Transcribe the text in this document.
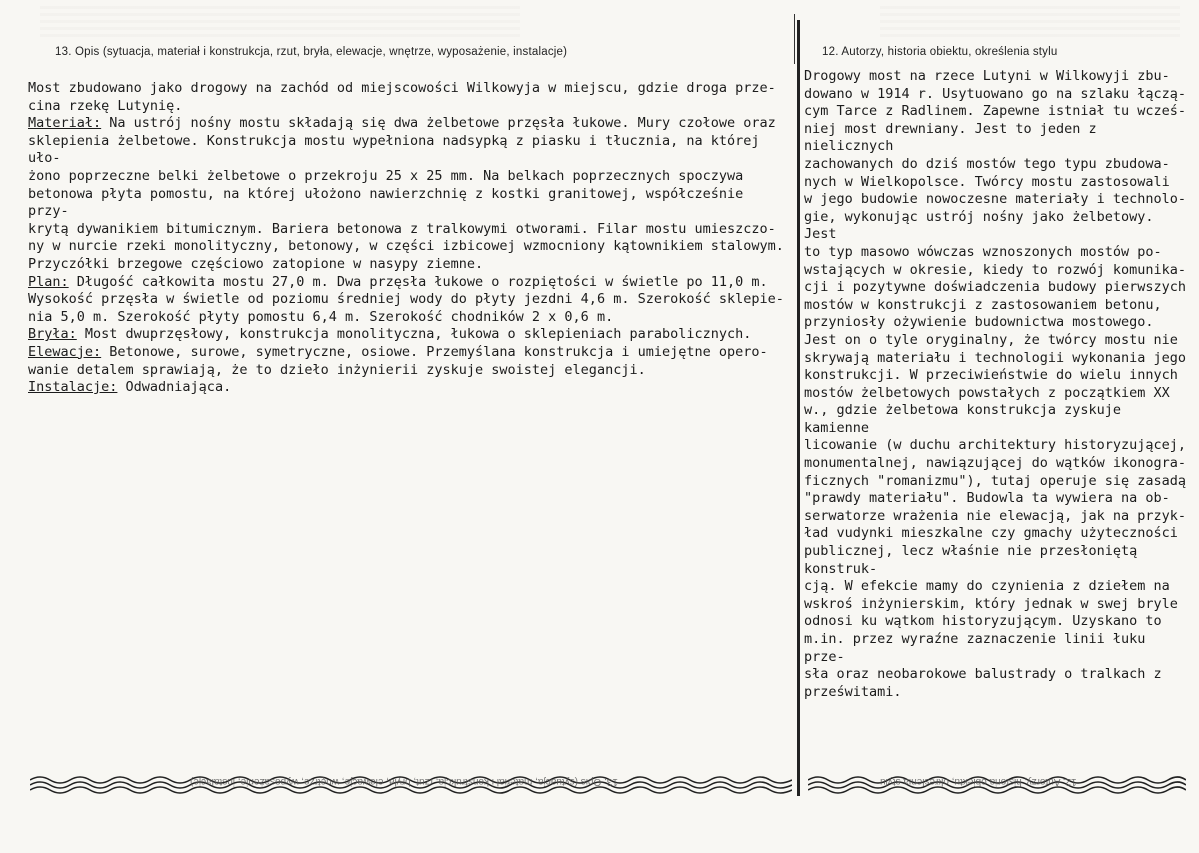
13. Opis (sytuacja, materiał i konstrukcja, rzut, bryła, elewacje, wnętrze, wyposażenie, instalacje)	12. Autorzy, historia obiektu, określenia stylu

Most zbudowano jako drogowy na zachód od miejscowości Wilkowyja w miejscu, gdzie droga prze-

cina rzekę Lutynię.

Materiał: Na ustrój nośny mostu składają się dwa żelbetowe przęsła łukowe. Mury czołowe oraz

sklepienia żelbetowe. Konstrukcja mostu wypełniona nadsypką z piasku i tłucznia, na której uło-

żono poprzeczne belki żelbetowe o przekroju 25 x 25 mm. Na belkach poprzecznych spoczywa

betonowa płyta pomostu, na której ułożono nawierzchnię z kostki granitowej, współcześnie przy-

krytą dywanikiem bitumicznym. Bariera betonowa z tralkowymi otworami. Filar mostu umieszczo-

ny w nurcie rzeki monolityczny, betonowy, w części izbicowej wzmocniony kątownikiem stalowym.

Przyczółki brzegowe częściowo zatopione w nasypy ziemne.

Plan: Długość całkowita mostu 27,0 m. Dwa przęsła łukowe o rozpiętości w świetle po 11,0 m.

Wysokość przęsła w świetle od poziomu średniej wody do płyty jezdni 4,6 m. Szerokość sklepie-

nia 5,0 m. Szerokość płyty pomostu 6,4 m. Szerokość chodników 2 x 0,6 m.

Bryła: Most dwuprzęsłowy, konstrukcja monolityczna, łukowa o sklepieniach parabolicznych.

Elewacje: Betonowe, surowe, symetryczne, osiowe. Przemyślana konstrukcja i umiejętne opero-

wanie detalem sprawiają, że to dzieło inżynierii zyskuje swoistej elegancji.

Instalacje: Odwadniająca.

Drogowy most na rzece Lutyni w Wilkowyji zbu-

dowano w 1914 r. Usytuowano go na szlaku łączą-

cym Tarce z Radlinem. Zapewne istniał tu wcześ-

niej most drewniany. Jest to jeden z nielicznych

zachowanych do dziś mostów tego typu zbudowa-

nych w Wielkopolsce. Twórcy mostu zastosowali

w jego budowie nowoczesne materiały i technolo-

gie, wykonując ustrój nośny jako żelbetowy. Jest

to typ masowo wówczas wznoszonych mostów po-

wstających w okresie, kiedy to rozwój komunika-

cji i pozytywne doświadczenia budowy pierwszych

mostów w konstrukcji z zastosowaniem betonu,

przyniosły ożywienie budownictwa mostowego.

Jest on o tyle oryginalny, że twórcy mostu nie

skrywają materiału i technologii wykonania jego

konstrukcji. W przeciwieństwie do wielu innych

mostów żelbetowych powstałych z początkiem XX

w., gdzie żelbetowa konstrukcja zyskuje kamienne

licowanie (w duchu architektury historyzującej,

monumentalnej, nawiązującej do wątków ikonogra-

ficznych "romanizmu"), tutaj operuje się zasadą

"prawdy materiału". Budowla ta wywiera na ob-

serwatorze wrażenia nie elewacją, jak na przyk-

ład vudynki mieszkalne czy gmachy użyteczności

publicznej, lecz właśnie nie przesłoniętą konstruk-

cją. W efekcie mamy do czynienia z dziełem na

wskroś inżynierskim, który jednak w swej bryle

odnosi ku wątkom historyzującym. Uzyskano to

m.in. przez wyraźne zaznaczenie linii łuku prze-

sła oraz neobarokowe balustrady o tralkach z

prześwitami.

13. Opis (sytuacja, materiał i konstrukcja, rzut, bryła, elewacje, wnętrze, wyposażenie, instalacje)	12. Autorzy, historia obiektu, określenia stylu
